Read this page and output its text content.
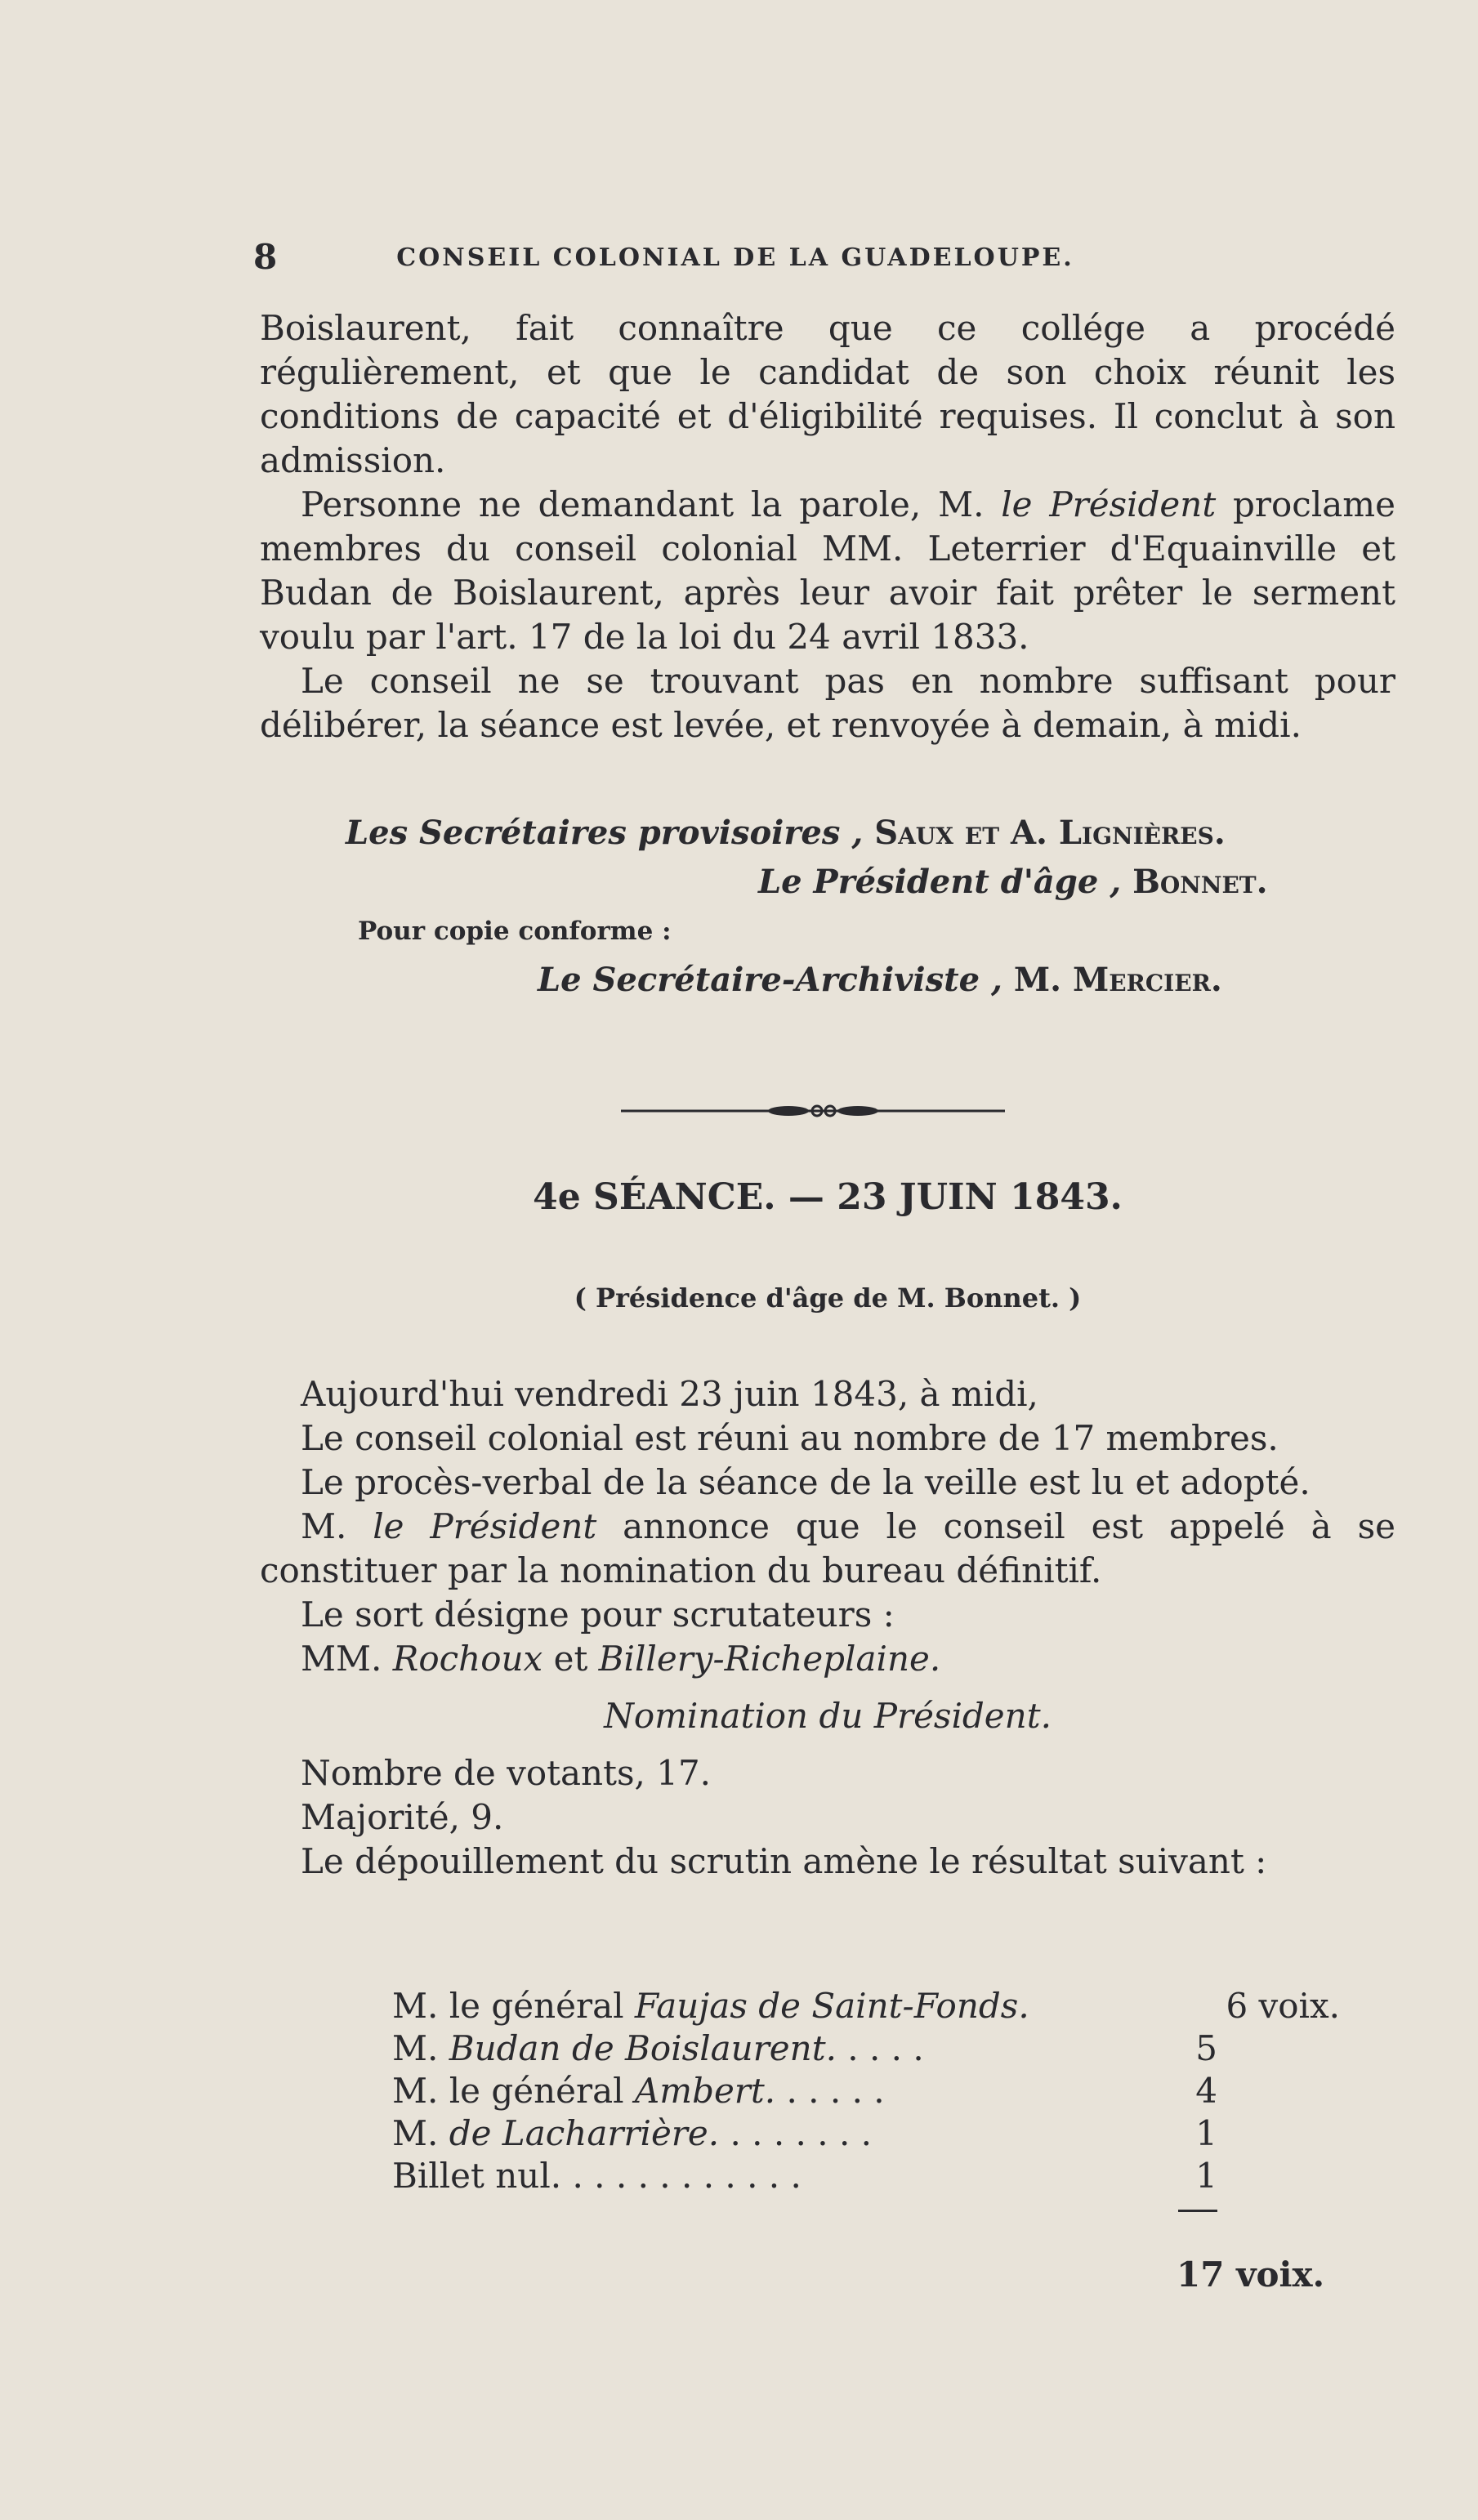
8	CONSEIL COLONIAL DE LA GUADELOUPE.

Boislaurent, fait connaître que ce collége a procédé régulièrement, et que le candidat de son choix réunit les conditions de capacité et d'éligibilité requises. Il conclut à son admission.

Personne ne demandant la parole, M. le Président proclame membres du conseil colonial MM. Leterrier d'Equainville et Budan de Boislaurent, après leur avoir fait prêter le serment voulu par l'art. 17 de la loi du 24 avril 1833.

Le conseil ne se trouvant pas en nombre suffisant pour délibérer, la séance est levée, et renvoyée à demain, à midi.

Les Secrétaires provisoires , Saux et A. Lignières.
Le Président d'âge , Bonnet.
Pour copie conforme :
Le Secrétaire-Archiviste , M. Mercier.
4e SÉANCE. — 23 JUIN 1843.
( Présidence d'âge de M. Bonnet. )

Aujourd'hui vendredi 23 juin 1843, à midi,

Le conseil colonial est réuni au nombre de 17 membres.

Le procès-verbal de la séance de la veille est lu et adopté.

M. le Président annonce que le conseil est appelé à se constituer par la nomination du bureau définitif.

Le sort désigne pour scrutateurs :

MM. Rochoux et Billery-Richeplaine.

Nomination du Président.

Nombre de votants, 17.

Majorité, 9.

Le dépouillement du scrutin amène le résultat suivant :

M. le général Faujas de Saint-Fonds.	6 voix.
M. Budan de Boislaurent. . . . .	5
M. le général Ambert. . . . . .	4
M. de Lacharrière. . . . . . . .	1
Billet nul. . . . . . . . . . . .	1
17 voix.
